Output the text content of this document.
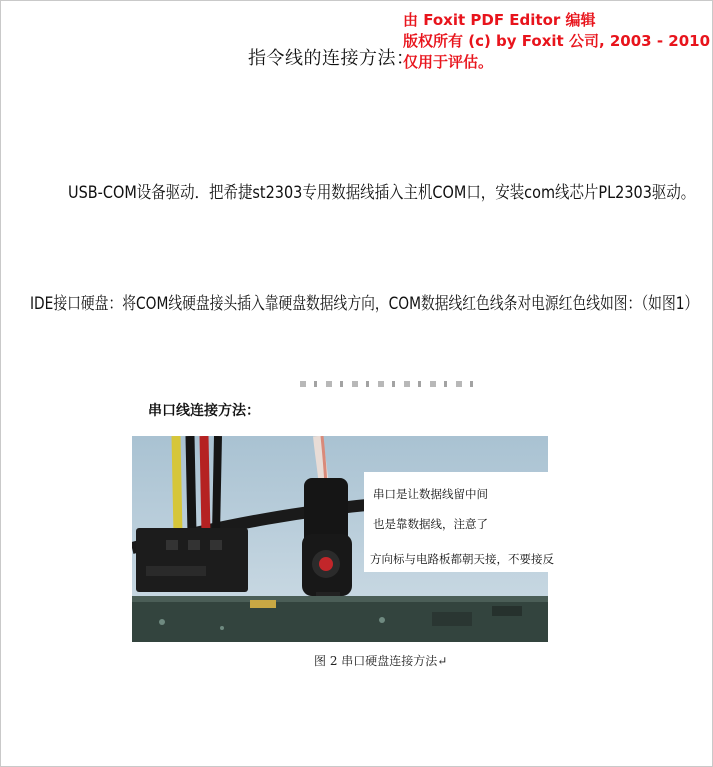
由 Foxit PDF Editor 编辑
版权所有 (c) by Foxit 公司, 2003 - 2010
仅用于评估。
指令线的连接方法：
USB-COM设备驱动．把希捷st2303专用数据线插入主机COM口，安装com线芯片PL2303驱动。
IDE接口硬盘：将COM线硬盘接头插入靠硬盘数据线方向，COM数据线红色线条对电源红色线如图：（如图1）
串口线连接方法：
串口是让数据线留中间
也是靠数据线，注意了
方向标与电路板都朝天接，不要接反
图 2 串口硬盘连接方法↵
